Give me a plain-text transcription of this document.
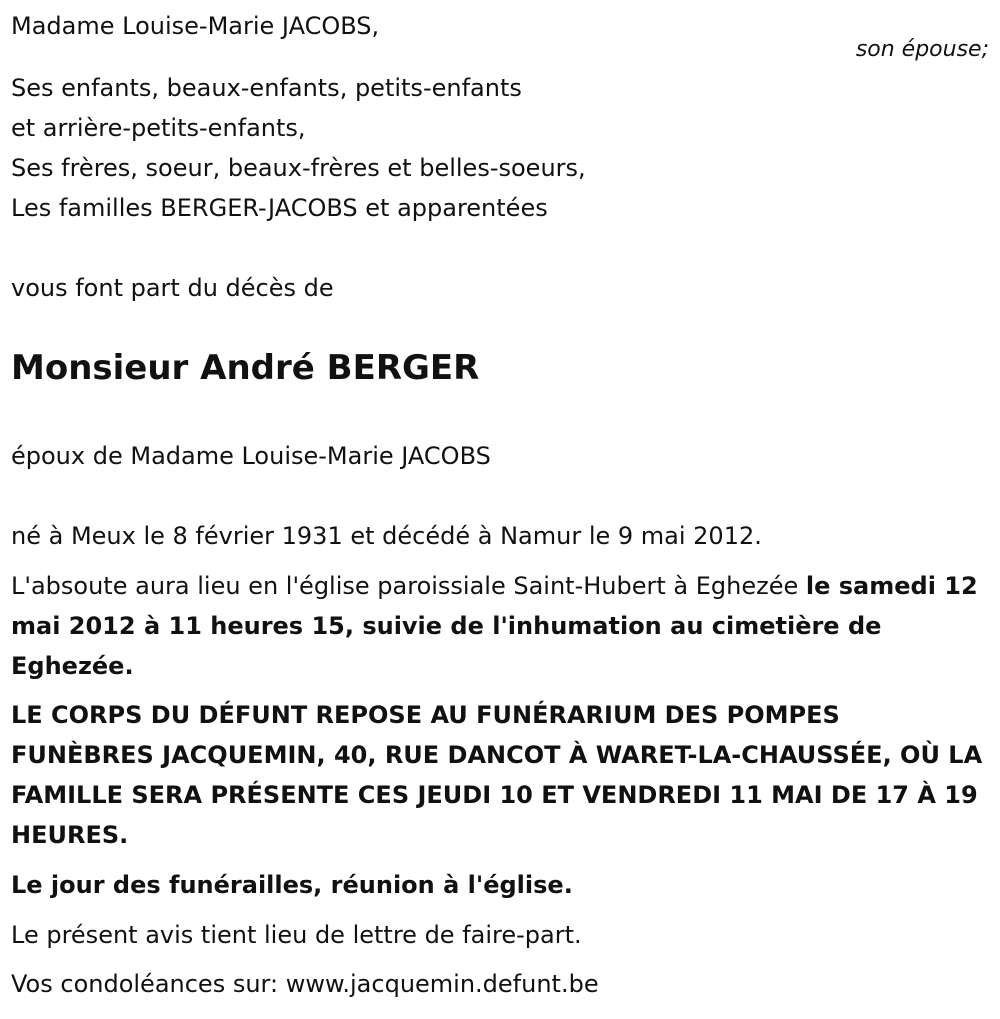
Madame Louise-Marie JACOBS,
son épouse;
Ses enfants, beaux-enfants, petits-enfants
et arrière-petits-enfants,
Ses frères, soeur, beaux-frères et belles-soeurs,
Les familles BERGER-JACOBS et apparentées
vous font part du décès de
Monsieur André BERGER
époux de Madame Louise-Marie JACOBS
né à Meux le 8 février 1931 et décédé à Namur le 9 mai 2012.
L'absoute aura lieu en l'église paroissiale Saint-Hubert à Eghezée le samedi 12 mai 2012 à 11 heures 15, suivie de l'inhumation au cimetière de Eghezée.
LE CORPS DU DÉFUNT REPOSE AU FUNÉRARIUM DES POMPES FUNÈBRES JACQUEMIN, 40, RUE DANCOT À WARET-LA-CHAUSSÉE, OÙ LA FAMILLE SERA PRÉSENTE CES JEUDI 10 ET VENDREDI 11 MAI DE 17 À 19 HEURES.
Le jour des funérailles, réunion à l'église.
Le présent avis tient lieu de lettre de faire-part.
Vos condoléances sur: www.jacquemin.defunt.be
